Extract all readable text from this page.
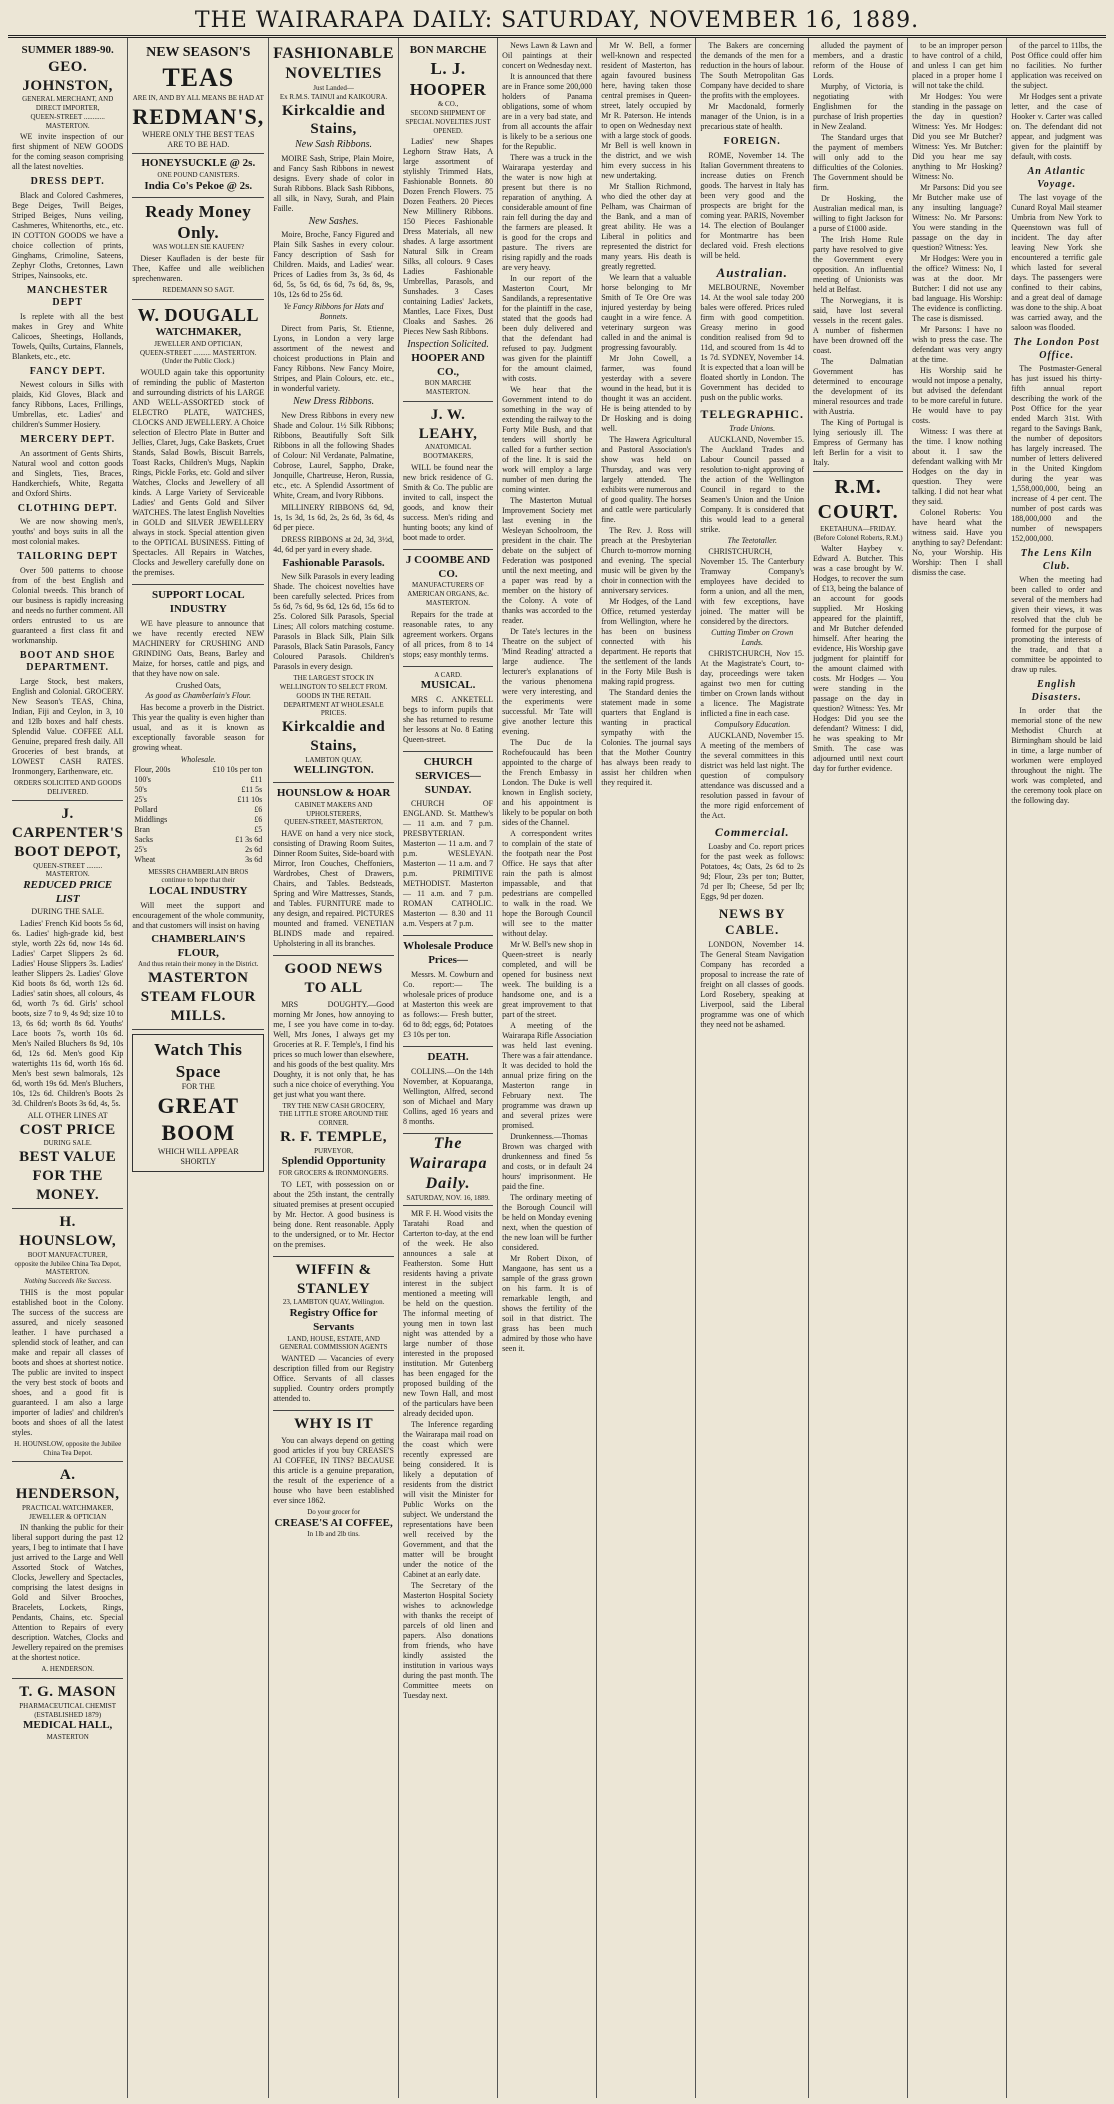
THE WAIRARAPA DAILY: SATURDAY, NOVEMBER 16, 1889.
SUMMER 1889-90.
GEO. JOHNSTON,
GENERAL MERCHANT, AND DIRECT IMPORTER,
QUEEN-STREET ............ MASTERTON.

WE invite inspection of our first shipment of NEW GOODS for the coming season comprising all the latest novelties.

DRESS DEPT.

Black and Colored Cashmeres, Bege Deiges, Twill Beiges, Striped Beiges, Nuns veiling, Cashmeres, Whitenorths, etc., etc. IN COTTON GOODS we have a choice collection of prints, Ginghams, Crimoline, Sateens, Zephyr Cloths, Cretonnes, Lawn Stripes, Nainsooks, etc.

MANCHESTER DEPT

Is replete with all the best makes in Grey and White Calicoes, Sheetings, Hollands, Towels, Quilts, Curtains, Flannels, Blankets, etc., etc.

FANCY DEPT.

Newest colours in Silks with plaids, Kid Gloves, Black and fancy Ribbons, Laces, Frillings, Umbrellas, etc. Ladies' and children's Summer Hosiery.

MERCERY DEPT.

An assortment of Gents Shirts, Natural wool and cotton goods and Singlets, Ties, Braces, Handkerchiefs, White, Regatta and Oxford Shirts.

CLOTHING DEPT.

We are now showing men's, youths' and boys suits in all the most colonial makes.

TAILORING DEPT

Over 500 patterns to choose from of the best English and Colonial tweeds. This branch of our business is rapidly increasing and needs no further comment. All orders entrusted to us are guaranteed a first class fit and workmanship.

BOOT AND SHOE DEPARTMENT.

Large Stock, best makers, English and Colonial. GROCERY. New Season's TEAS, China, Indian, Fiji and Ceylon, in 3, 10 and 12lb boxes and half chests. Splendid Value. COFFEE ALL Genuine, prepared fresh daily. All Groceries of best brands, at LOWEST CASH RATES. Ironmongery, Earthenware, etc.

ORDERS SOLICITED AND GOODS DELIVERED.
J. CARPENTER'S BOOT DEPOT,
QUEEN-STREET ......... MASTERTON.
REDUCED PRICE LIST
DURING THE SALE.

Ladies' French Kid boots 5s 6d, 6s. Ladies' high-grade kid, best style, worth 22s 6d, now 14s 6d. Ladies' Carpet Slippers 2s 6d. Ladies' House Slippers 3s. Ladies' leather Slippers 2s. Ladies' Glove Kid boots 8s 6d, worth 12s 6d. Ladies' satin shoes, all colours, 4s 6d, worth 7s 6d. Girls' school boots, size 7 to 9, 4s 9d; size 10 to 13, 6s 6d; worth 8s 6d. Youths' Lace boots 7s, worth 10s 6d. Men's Nailed Bluchers 8s 9d, 10s 6d, 12s 6d. Men's good Kip watertights 11s 6d, worth 16s 6d. Men's best sewn balmorals, 12s 6d, worth 19s 6d. Men's Bluchers, 10s, 12s 6d. Children's Boots 2s 3d. Children's Boots 3s 6d, 4s, 5s.

ALL OTHER LINES AT
COST PRICE
DURING SALE.
BEST VALUE FOR THE MONEY.
H. HOUNSLOW,
BOOT MANUFACTURER,
opposite the Jubilee China Tea Depot,
MASTERTON.
Nothing Succeeds like Success.

THIS is the most popular established boot in the Colony. The success of the success are assured, and nicely seasoned leather. I have purchased a splendid stock of leather, and can make and repair all classes of boots and shoes at shortest notice. The public are invited to inspect the very best stock of boots and shoes, and a good fit is guaranteed. I am also a large importer of ladies' and children's boots and shoes of all the latest styles.

H. HOUNSLOW, opposite the Jubilee China Tea Depot.
A. HENDERSON,
PRACTICAL WATCHMAKER, JEWELLER & OPTICIAN

IN thanking the public for their liberal support during the past 12 years, I beg to intimate that I have just arrived to the Large and Well Assorted Stock of Watches, Clocks, Jewellery and Spectacles, comprising the latest designs in Gold and Silver Brooches, Bracelets, Lockets, Rings, Pendants, Chains, etc. Special Attention to Repairs of every description. Watches, Clocks and Jewellery repaired on the premises at the shortest notice.

A. HENDERSON.
T. G. MASON
PHARMACEUTICAL CHEMIST
(ESTABLISHED 1879)
MEDICAL HALL,
MASTERTON
NEW SEASON'S
TEAS
ARE IN, AND BY ALL MEANS BE HAD AT
REDMAN'S,
WHERE ONLY THE BEST TEAS
ARE TO BE HAD.
HONEYSUCKLE @ 2s.
ONE POUND CANISTERS.
India Co's Pekoe @ 2s.
Ready Money Only.
WAS WOLLEN SIE KAUFEN?

Dieser Kaufladen is der beste für Thee, Kaffee und alle weiblichen sprechenwaren.

REDEMANN SO SAGT.
W. DOUGALL
WATCHMAKER,
JEWELLER AND OPTICIAN,
QUEEN-STREET .......... MASTERTON.
(Under the Public Clock.)

WOULD again take this opportunity of reminding the public of Masterton and surrounding districts of his LARGE AND WELL-ASSORTED stock of ELECTRO PLATE, WATCHES, CLOCKS AND JEWELLERY. A Choice selection of Electro Plate in Butter and Jellies, Claret, Jugs, Cake Baskets, Cruet Stands, Salad Bowls, Biscuit Barrels, Toast Racks, Children's Mugs, Napkin Rings, Pickle Forks, etc. Gold and silver Watches, Clocks and Jewellery of all kinds. A Large Variety of Serviceable Ladies' and Gents Gold and Silver WATCHES. The latest English Novelties in GOLD and SILVER JEWELLERY always in stock. Special attention given to the OPTICAL BUSINESS. Fitting of Spectacles. All Repairs in Watches, Clocks and Jewellery carefully done on the premises.

SUPPORT LOCAL INDUSTRY

WE have pleasure to announce that we have recently erected NEW MACHINERY for CRUSHING AND GRINDING Oats, Beans, Barley and Maize, for horses, cattle and pigs, and that they have now on sale.

Crushed Oats,
As good as Chamberlain's Flour.

Has become a proverb in the District. This year the quality is even higher than usual, and as it is known as exceptionally favorable season for growing wheat.

Wholesale.
Flour, 200s	£10 10s per ton
100's	£11
50's	£11 5s
25's	£11 10s
Pollard	£6
Middlings	£6
Bran	£5
Sacks	£1 3s 6d
25's	2s 6d
Wheat	3s 6d
MESSRS CHAMBERLAIN BROS
continue to hope that their
LOCAL INDUSTRY

Will meet the support and encouragement of the whole community, and that customers will insist on having

CHAMBERLAIN'S FLOUR,
And thus retain their money in the District.
MASTERTON
STEAM FLOUR MILLS.
Watch This Space
FOR THE
GREAT BOOM
WHICH WILL APPEAR
SHORTLY
FASHIONABLE NOVELTIES
Just Landed—
Ex R.M.S. TAINUI and KAIKOURA.
Kirkcaldie and Stains,
New Sash Ribbons.

MOIRE Sash, Stripe, Plain Moire, and Fancy Sash Ribbons in newest designs. Every shade of color in Surah Ribbons. Black Sash Ribbons, all silk, in Navy, Surah, and Plain Faille.

New Sashes.

Moire, Broche, Fancy Figured and Plain Silk Sashes in every colour. Fancy description of Sash for Children. Maids, and Ladies' wear. Prices of Ladies from 3s, 3s 6d, 4s 6d, 5s, 5s 6d, 6s 6d, 7s 6d, 8s, 9s, 10s, 12s 6d to 25s 6d.

Ye Fancy Ribbons for Hats and Bonnets.

Direct from Paris, St. Etienne, Lyons, in London a very large assortment of the newest and choicest productions in Plain and Fancy Ribbons. New Fancy Moire, Stripes, and Plain Colours, etc. etc., in wonderful variety.

New Dress Ribbons.

New Dress Ribbons in every new Shade and Colour. 1½ Silk Ribbons; Ribbons, Beautifully Soft Silk Ribbons in all the following Shades of Colour: Nil Verdanate, Palmatine, Cobrose, Laurel, Sappho, Drake, Jonquille, Chartreuse, Heron, Russia, etc., etc. A Splendid Assortment of White, Cream, and Ivory Ribbons.

MILLINERY RIBBONS 6d, 9d, 1s, 1s 3d, 1s 6d, 2s, 2s 6d, 3s 6d, 4s 6d per piece.

DRESS RIBBONS at 2d, 3d, 3½d, 4d, 6d per yard in every shade.

Fashionable Parasols.

New Silk Parasols in every leading Shade. The choicest novelties have been carefully selected. Prices from 5s 6d, 7s 6d, 9s 6d, 12s 6d, 15s 6d to 25s. Colored Silk Parasols, Special Lines; All colors matching costume. Parasols in Black Silk, Plain Silk Parasols, Black Satin Parasols, Fancy Coloured Parasols. Children's Parasols in every design.

THE LARGEST STOCK IN WELLINGTON TO SELECT FROM.
GOODS IN THE RETAIL DEPARTMENT AT WHOLESALE PRICES.
Kirkcaldie and Stains,
LAMBTON QUAY,
WELLINGTON.
HOUNSLOW & HOAR
CABINET MAKERS AND UPHOLSTERERS,
QUEEN-STREET, MASTERTON,

HAVE on hand a very nice stock, consisting of Drawing Room Suites, Dinner Room Suites, Side-board with Mirror, Iron Couches, Cheffoniers, Wardrobes, Chest of Drawers, Chairs, and Tables. Bedsteads, Spring and Wire Mattresses, Stands, and Tables. FURNITURE made to any design, and repaired. PICTURES mounted and framed. VENETIAN BLINDS made and repaired. Upholstering in all its branches.

GOOD NEWS TO ALL

MRS DOUGHTY.—Good morning Mr Jones, how annoying to me, I see you have come in to-day. Well, Mrs Jones, I always get my Groceries at R. F. Temple's, I find his prices so much lower than elsewhere, and his goods of the best quality. Mrs Doughty, it is not only that, he has such a nice choice of everything. You get just what you want there.

TRY THE NEW CASH GROCERY,
THE LITTLE STORE AROUND THE CORNER.
R. F. TEMPLE,
PURVEYOR,
Splendid Opportunity
FOR GROCERS & IRONMONGERS.

TO LET, with possession on or about the 25th instant, the centrally situated premises at present occupied by Mr. Hector. A good business is being done. Rent reasonable. Apply to the undersigned, or to Mr. Hector on the premises.

WIFFIN & STANLEY
23, LAMBTON QUAY, Wellington.
Registry Office for Servants
LAND, HOUSE, ESTATE, AND
GENERAL COMMISSION AGENTS

WANTED — Vacancies of every description filled from our Registry Office. Servants of all classes supplied. Country orders promptly attended to.

WHY IS IT

You can always depend on getting good articles if you buy CREASE'S AI COFFEE, IN TINS? BECAUSE this article is a genuine preparation, the result of the experience of a house who have been established ever since 1862.

Do your grocer for
CREASE'S AI COFFEE,
In 1lb and 2lb tins.
BON MARCHE
L. J. HOOPER
& CO.,
SECOND SHIPMENT OF SPECIAL NOVELTIES JUST OPENED.

Ladies' new Shapes Leghorn Straw Hats, A large assortment of stylishly Trimmed Hats, Fashionable Bonnets. 80 Dozen French Flowers. 75 Dozen Feathers. 20 Pieces New Millinery Ribbons. 150 Pieces Fashionable Dress Materials, all new shades. A large assortment Natural Silk in Cream Silks, all colours. 9 Cases Ladies Fashionable Umbrellas, Parasols, and Sunshades. 3 Cases containing Ladies' Jackets, Mantles, Lace Fixes, Dust Cloaks and Sashes. 26 Pieces New Sash Ribbons.

Inspection Solicited.
HOOPER AND CO.,
BON MARCHE
MASTERTON.
J. W. LEAHY,
ANATOMICAL BOOTMAKERS,

WILL be found near the new brick residence of G. Smith & Co. The public are invited to call, inspect the goods, and know their success. Men's riding and hunting boots; any kind of boot made to order.

J COOMBE AND CO.
MANUFACTURERS OF AMERICAN ORGANS, &c.
MASTERTON.

Repairs for the trade at reasonable rates, to any agreement workers. Organs of all prices, from 8 to 14 stops; easy monthly terms.

A CARD.
MUSICAL.

MRS C. ANKETELL begs to inform pupils that she has returned to resume her lessons at No. 8 Eating Queen-street.

CHURCH SERVICES—SUNDAY.

CHURCH OF ENGLAND. St. Matthew's — 11 a.m. and 7 p.m. PRESBYTERIAN. Masterton — 11 a.m. and 7 p.m. WESLEYAN. Masterton — 11 a.m. and 7 p.m. PRIMITIVE METHODIST. Masterton — 11 a.m. and 7 p.m. ROMAN CATHOLIC. Masterton — 8.30 and 11 a.m. Vespers at 7 p.m.

Wholesale Produce Prices—

Messrs. M. Cowburn and Co. report:— The wholesale prices of produce at Masterton this week are as follows:— Fresh butter, 6d to 8d; eggs, 6d; Potatoes £3 10s per ton.

DEATH.

COLLINS.—On the 14th November, at Kopuaranga, Wellington, Alfred, second son of Michael and Mary Collins, aged 16 years and 8 months.

The Wairarapa Daily.
SATURDAY, NOV. 16, 1889.

MR F. H. Wood visits the Taratahi Road and Carterton to-day, at the end of the week. He also announces a sale at Featherston. Some Hutt residents having a private interest in the subject mentioned a meeting will be held on the question. The informal meeting of young men in town last night was attended by a large number of those interested in the proposed institution. Mr Gutenberg has been engaged for the proposed building of the new Town Hall, and most of the particulars have been already decided upon.

The Inference regarding the Wairarapa mail road on the coast which were recently expressed are being considered. It is likely a deputation of residents from the district will visit the Minister for Public Works on the subject. We understand the representations have been well received by the Government, and that the matter will be brought under the notice of the Cabinet at an early date.

The Secretary of the Masterton Hospital Society wishes to acknowledge with thanks the receipt of parcels of old linen and papers. Also donations from friends, who have kindly assisted the institution in various ways during the past month. The Committee meets on Tuesday next.

News Lawn & Lawn and Oil paintings at their concert on Wednesday next.

It is announced that there are in France some 200,000 holders of Panama obligations, some of whom are in a very bad state, and from all accounts the affair is likely to be a serious one for the Republic.

There was a truck in the Wairarapa yesterday and the water is now high at present but there is no reparation of anything. A considerable amount of fine rain fell during the day and the farmers are pleased. It is good for the crops and pasture. The rivers are rising rapidly and the roads are very heavy.

In our report of the Masterton Court, Mr Sandilands, a representative for the plaintiff in the case, stated that the goods had been duly delivered and that the defendant had refused to pay. Judgment was given for the plaintiff for the amount claimed, with costs.

We hear that the Government intend to do something in the way of extending the railway to the Forty Mile Bush, and that tenders will shortly be called for a further section of the line. It is said the work will employ a large number of men during the coming winter.

The Masterton Mutual Improvement Society met last evening in the Wesleyan Schoolroom, the president in the chair. The debate on the subject of Federation was postponed until the next meeting, and a paper was read by a member on the history of the Colony. A vote of thanks was accorded to the reader.

Dr Tate's lectures in the Theatre on the subject of 'Mind Reading' attracted a large audience. The lecturer's explanations of the various phenomena were very interesting, and the experiments were successful. Mr Tate will give another lecture this evening.

The Duc de la Rochefoucauld has been appointed to the charge of the French Embassy in London. The Duke is well known in English society, and his appointment is likely to be popular on both sides of the Channel.

A correspondent writes to complain of the state of the footpath near the Post Office. He says that after rain the path is almost impassable, and that pedestrians are compelled to walk in the road. We hope the Borough Council will see to the matter without delay.

Mr W. Bell's new shop in Queen-street is nearly completed, and will be opened for business next week. The building is a handsome one, and is a great improvement to that part of the street.

A meeting of the Wairarapa Rifle Association was held last evening. There was a fair attendance. It was decided to hold the annual prize firing on the Masterton range in February next. The programme was drawn up and several prizes were promised.

Drunkenness.—Thomas Brown was charged with drunkenness and fined 5s and costs, or in default 24 hours' imprisonment. He paid the fine.

The ordinary meeting of the Borough Council will be held on Monday evening next, when the question of the new loan will be further considered.

Mr Robert Dixon, of Mangaone, has sent us a sample of the grass grown on his farm. It is of remarkable length, and shows the fertility of the soil in that district. The grass has been much admired by those who have seen it.

Mr W. Bell, a former well-known and respected resident of Masterton, has again favoured business here, having taken those central premises in Queen-street, lately occupied by Mr R. Paterson. He intends to open on Wednesday next with a large stock of goods. Mr Bell is well known in the district, and we wish him every success in his new undertaking.

Mr Stallion Richmond, who died the other day at Pelham, was Chairman of the Bank, and a man of great ability. He was a Liberal in politics and represented the district for many years. His death is greatly regretted.

We learn that a valuable horse belonging to Mr Smith of Te Ore Ore was injured yesterday by being caught in a wire fence. A veterinary surgeon was called in and the animal is progressing favourably.

Mr John Cowell, a farmer, was found yesterday with a severe wound in the head, but it is thought it was an accident. He is being attended to by Dr Hosking and is doing well.

The Hawera Agricultural and Pastoral Association's show was held on Thursday, and was very largely attended. The exhibits were numerous and of good quality. The horses and cattle were particularly fine.

The Rev. J. Ross will preach at the Presbyterian Church to-morrow morning and evening. The special music will be given by the choir in connection with the anniversary services.

Mr Hodges, of the Land Office, returned yesterday from Wellington, where he has been on business connected with his department. He reports that the settlement of the lands in the Forty Mile Bush is making rapid progress.

The Standard denies the statement made in some quarters that England is wanting in practical sympathy with the Colonies. The journal says that the Mother Country has always been ready to assist her children when they required it.

The Bakers are concerning the demands of the men for a reduction in the hours of labour. The South Metropolitan Gas Company have decided to share the profits with the employees.

Mr Macdonald, formerly manager of the Union, is in a precarious state of health.

FOREIGN.

ROME, November 14. The Italian Government threatens to increase duties on French goods. The harvest in Italy has been very good and the prospects are bright for the coming year. PARIS, November 14. The election of Boulanger for Montmartre has been declared void. Fresh elections will be held.

Australian.

MELBOURNE, November 14. At the wool sale today 200 bales were offered. Prices ruled firm with good competition. Greasy merino in good condition realised from 9d to 11d, and scoured from 1s 4d to 1s 7d. SYDNEY, November 14. It is expected that a loan will be floated shortly in London. The Government has decided to push on the public works.

TELEGRAPHIC.
Trade Unions.

AUCKLAND, November 15. The Auckland Trades and Labour Council passed a resolution to-night approving of the action of the Wellington Council in regard to the Seamen's Union and the Union Company. It is considered that this would lead to a general strike.

The Teetotaller.

CHRISTCHURCH, November 15. The Canterbury Tramway Company's employees have decided to form a union, and all the men, with few exceptions, have joined. The matter will be considered by the directors.

Cutting Timber on Crown Lands.

CHRISTCHURCH, Nov 15. At the Magistrate's Court, to-day, proceedings were taken against two men for cutting timber on Crown lands without a licence. The Magistrate inflicted a fine in each case.

Compulsory Education.

AUCKLAND, November 15. A meeting of the members of the several committees in this district was held last night. The question of compulsory attendance was discussed and a resolution passed in favour of the more rigid enforcement of the Act.

Commercial.

Loasby and Co. report prices for the past week as follows: Potatoes, 4s; Oats, 2s 6d to 2s 9d; Flour, 23s per ton; Butter, 7d per lb; Cheese, 5d per lb; Eggs, 9d per dozen.

NEWS BY CABLE.

LONDON, November 14. The General Steam Navigation Company has recorded a proposal to increase the rate of freight on all classes of goods. Lord Rosebery, speaking at Liverpool, said the Liberal programme was one of which they need not be ashamed.

alluded the payment of members, and a drastic reform of the House of Lords.

Murphy, of Victoria, is negotiating with Englishmen for the purchase of Irish properties in New Zealand.

The Standard urges that the payment of members will only add to the difficulties of the Colonies. The Government should be firm.

Dr Hosking, the Australian medical man, is willing to fight Jackson for a purse of £1000 aside.

The Irish Home Rule party have resolved to give the Government every opposition. An influential meeting of Unionists was held at Belfast.

The Norwegians, it is said, have lost several vessels in the recent gales. A number of fishermen have been drowned off the coast.

The Dalmatian Government has determined to encourage the development of its mineral resources and trade with Austria.

The King of Portugal is lying seriously ill. The Empress of Germany has left Berlin for a visit to Italy.

R.M. COURT.
EKETAHUNA—FRIDAY.
(Before Colonel Roberts, R.M.)

Walter Haybey v. Edward A. Butcher. This was a case brought by W. Hodges, to recover the sum of £13, being the balance of an account for goods supplied. Mr Hosking appeared for the plaintiff, and Mr Butcher defended himself. After hearing the evidence, His Worship gave judgment for plaintiff for the amount claimed with costs. Mr Hodges — You were standing in the passage on the day in question? Witness: Yes. Mr Hodges: Did you see the defendant? Witness: I did, he was speaking to Mr Smith. The case was adjourned until next court day for further evidence.

to be an improper person to have control of a child, and unless I can get him placed in a proper home I will not take the child.

Mr Hodges: You were standing in the passage on the day in question? Witness: Yes. Mr Hodges: Did you see Mr Butcher? Witness: Yes. Mr Butcher: Did you hear me say anything to Mr Hosking? Witness: No.

Mr Parsons: Did you see Mr Butcher make use of any insulting language? Witness: No. Mr Parsons: You were standing in the passage on the day in question? Witness: Yes.

Mr Hodges: Were you in the office? Witness: No, I was at the door. Mr Butcher: I did not use any bad language. His Worship: The evidence is conflicting. The case is dismissed.

Mr Parsons: I have no wish to press the case. The defendant was very angry at the time.

His Worship said he would not impose a penalty, but advised the defendant to be more careful in future. He would have to pay costs.

Witness: I was there at the time. I know nothing about it. I saw the defendant walking with Mr Hodges on the day in question. They were talking. I did not hear what they said.

Colonel Roberts: You have heard what the witness said. Have you anything to say? Defendant: No, your Worship. His Worship: Then I shall dismiss the case.

of the parcel to 11lbs, the Post Office could offer him no facilities. No further application was received on the subject.

Mr Hodges sent a private letter, and the case of Hooker v. Carter was called on. The defendant did not appear, and judgment was given for the plaintiff by default, with costs.

An Atlantic Voyage.

The last voyage of the Cunard Royal Mail steamer Umbria from New York to Queenstown was full of incident. The day after leaving New York she encountered a terrific gale which lasted for several days. The passengers were confined to their cabins, and a great deal of damage was done to the ship. A boat was carried away, and the saloon was flooded.

The London Post Office.

The Postmaster-General has just issued his thirty-fifth annual report describing the work of the Post Office for the year ended March 31st. With regard to the Savings Bank, the number of depositors has largely increased. The number of letters delivered in the United Kingdom during the year was 1,558,000,000, being an increase of 4 per cent. The number of post cards was 188,000,000 and the number of newspapers 152,000,000.

The Lens Kiln Club.

When the meeting had been called to order and several of the members had given their views, it was resolved that the club be formed for the purpose of promoting the interests of the trade, and that a committee be appointed to draw up rules.

English Disasters.

In order that the memorial stone of the new Methodist Church at Birmingham should be laid in time, a large number of workmen were employed throughout the night. The work was completed, and the ceremony took place on the following day.
